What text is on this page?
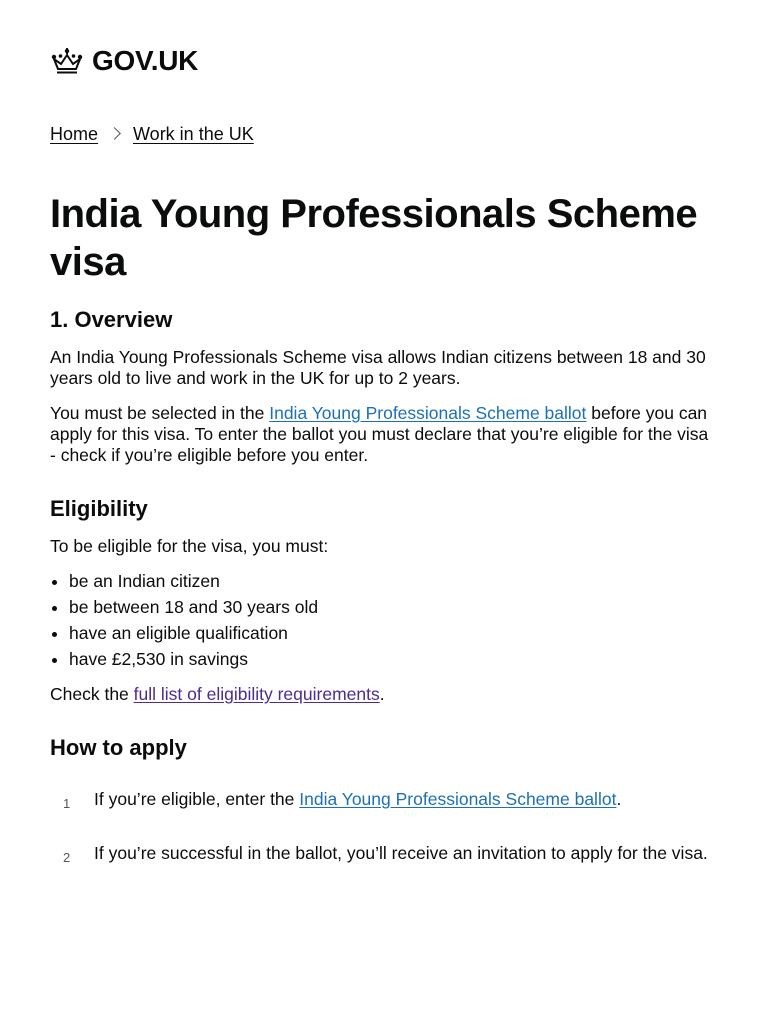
GOV.UK
Home Work in the UK
India Young Professionals Scheme visa
1. Overview

An India Young Professionals Scheme visa allows Indian citizens between 18 and 30 years old to live and work in the UK for up to 2 years.

You must be selected in the India Young Professionals Scheme ballot before you can apply for this visa. To enter the ballot you must declare that you’re eligible for the visa - check if you’re eligible before you enter.

Eligibility

To be eligible for the visa, you must:

be an Indian citizen
be between 18 and 30 years old
have an eligible qualification
have £2,530 in savings

Check the full list of eligibility requirements.

How to apply
1 If you’re eligible, enter the India Young Professionals Scheme ballot.
2 If you’re successful in the ballot, you’ll receive an invitation to apply for the visa.
